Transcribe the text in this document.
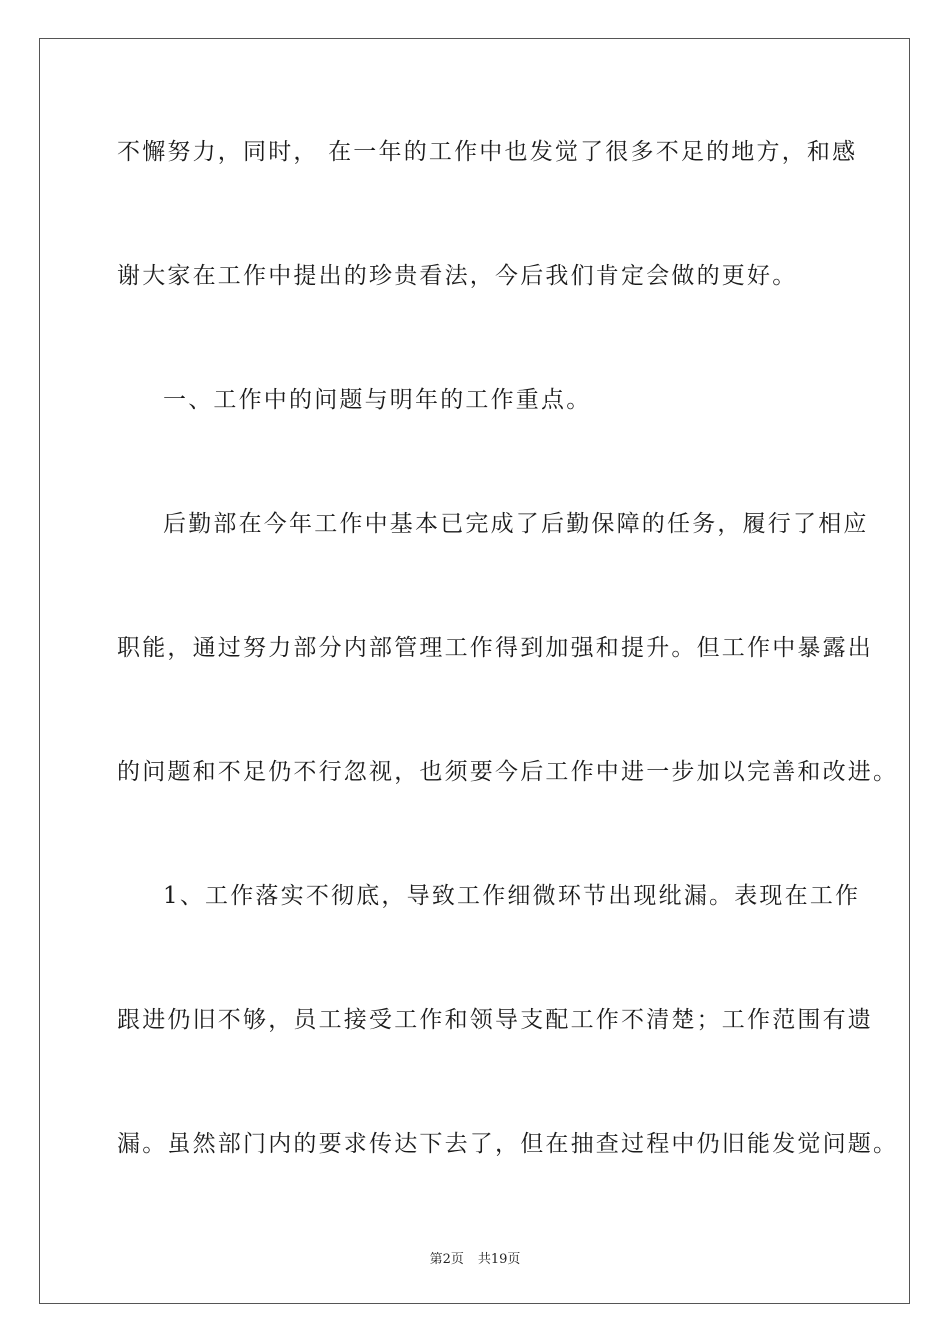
不懈努力，同时， 在一年的工作中也发觉了很多不足的地方，和感
谢大家在工作中提出的珍贵看法，今后我们肯定会做的更好。
一、工作中的问题与明年的工作重点。
后勤部在今年工作中基本已完成了后勤保障的任务，履行了相应
职能，通过努力部分内部管理工作得到加强和提升。但工作中暴露出
的问题和不足仍不行忽视，也须要今后工作中进一步加以完善和改进。
1、工作落实不彻底，导致工作细微环节出现纰漏。表现在工作
跟进仍旧不够，员工接受工作和领导支配工作不清楚；工作范围有遗
漏。虽然部门内的要求传达下去了，但在抽查过程中仍旧能发觉问题。
第2页 共19页
